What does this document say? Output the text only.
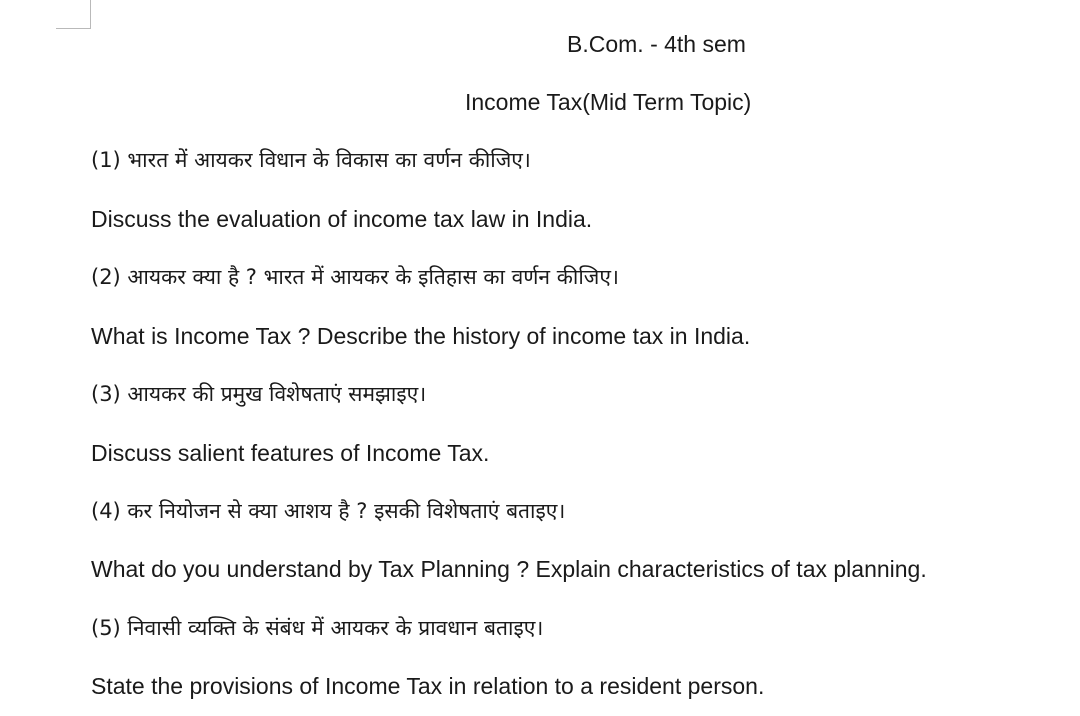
B.Com. - 4th sem
Income Tax(Mid Term Topic)
(1) भारत में आयकर विधान के विकास का वर्णन कीजिए।
Discuss the evaluation of income tax law in India.
(2) आयकर क्या है ? भारत में आयकर के इतिहास का वर्णन कीजिए।
What is Income Tax ? Describe the history of income tax in India.
(3) आयकर की प्रमुख विशेषताएं समझाइए।
Discuss salient features of Income Tax.
(4) कर नियोजन से क्या आशय है ? इसकी विशेषताएं बताइए।
What do you understand by Tax Planning ? Explain characteristics of tax planning.
(5) निवासी व्यक्ति के संबंध में आयकर के प्रावधान बताइए।
State the provisions of Income Tax in relation to a resident person.
